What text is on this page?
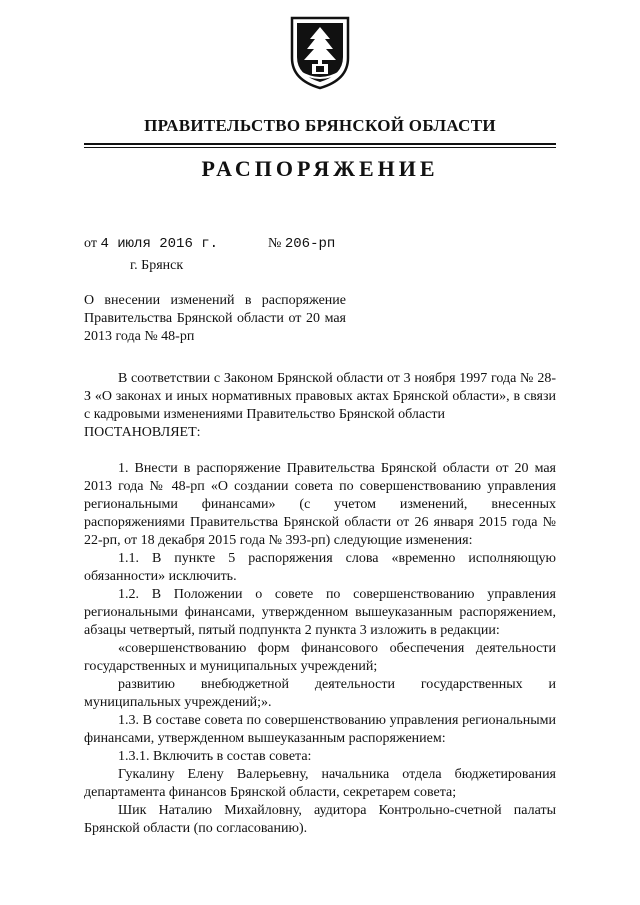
ПРАВИТЕЛЬСТВО БРЯНСКОЙ ОБЛАСТИ
РАСПОРЯЖЕНИЕ
от 4 июля 2016 г.	№ 206-рп
г. Брянск
О внесении изменений в распоряжение Правительства Брянской области от 20 мая 2013 года № 48-рп

В соответствии с Законом Брянской области от 3 ноября 1997 года № 28-З «О законах и иных нормативных правовых актах Брянской области», в связи с кадровыми изменениями Правительство Брянской области

ПОСТАНОВЛЯЕТ:

1. Внести в распоряжение Правительства Брянской области от 20 мая 2013 года № 48-рп «О создании совета по совершенствованию управления региональными финансами» (с учетом изменений, внесенных распоряжениями Правительства Брянской области от 26 января 2015 года № 22-рп, от 18 декабря 2015 года № 393-рп) следующие изменения:

1.1. В пункте 5 распоряжения слова «временно исполняющую обязанности» исключить.

1.2. В Положении о совете по совершенствованию управления региональными финансами, утвержденном вышеуказанным распоряжением, абзацы четвертый, пятый подпункта 2 пункта 3 изложить в редакции:

«совершенствованию форм финансового обеспечения деятельности государственных и муниципальных учреждений;

развитию внебюджетной деятельности государственных и муниципальных учреждений;».

1.3. В составе совета по совершенствованию управления региональными финансами, утвержденном вышеуказанным распоряжением:

1.3.1. Включить в состав совета:

Гукалину Елену Валерьевну, начальника отдела бюджетирования департамента финансов Брянской области, секретарем совета;

Шик Наталию Михайловну, аудитора Контрольно-счетной палаты Брянской области (по согласованию).
